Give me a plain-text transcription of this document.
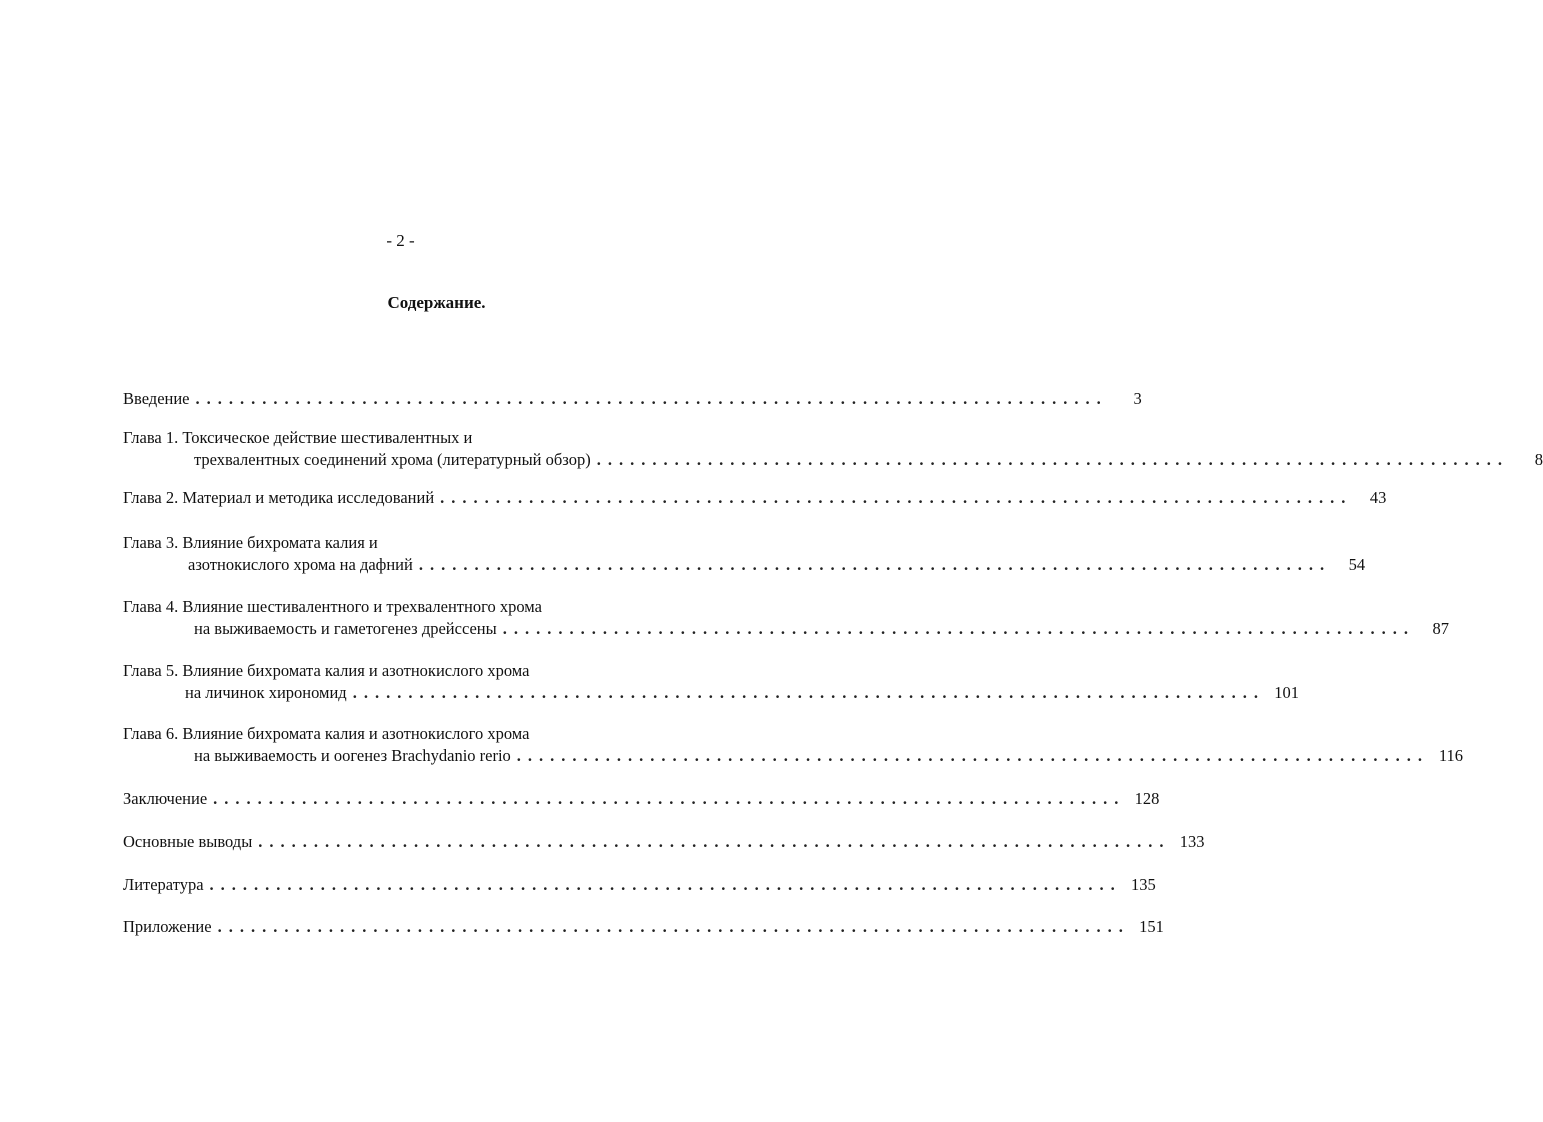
- 2 -
Содержание.
Введение ..................................................................................	3
Глава 1. Токсическое действие шестивалентных и
трехвалентных соединений хрома (литературный обзор) ..................................................................................	8
Глава 2. Материал и методика исследований ..................................................................................	43
Глава 3. Влияние бихромата калия и
азотнокислого хрома на дафний ..................................................................................	54
Глава 4. Влияние шестивалентного и трехвалентного хрома
на выживаемость и гаметогенез дрейссены ..................................................................................	87
Глава 5. Влияние бихромата калия и азотнокислого хрома
на личинок хирономид .................................................................................. 101
Глава 6. Влияние бихромата калия и азотнокислого хрома
на выживаемость и оогенез Brachydanio rerio .................................................................................. 116
Заключение .................................................................................. 128
Основные выводы .................................................................................. 133
Литература .................................................................................. 135
Приложение .................................................................................. 151
